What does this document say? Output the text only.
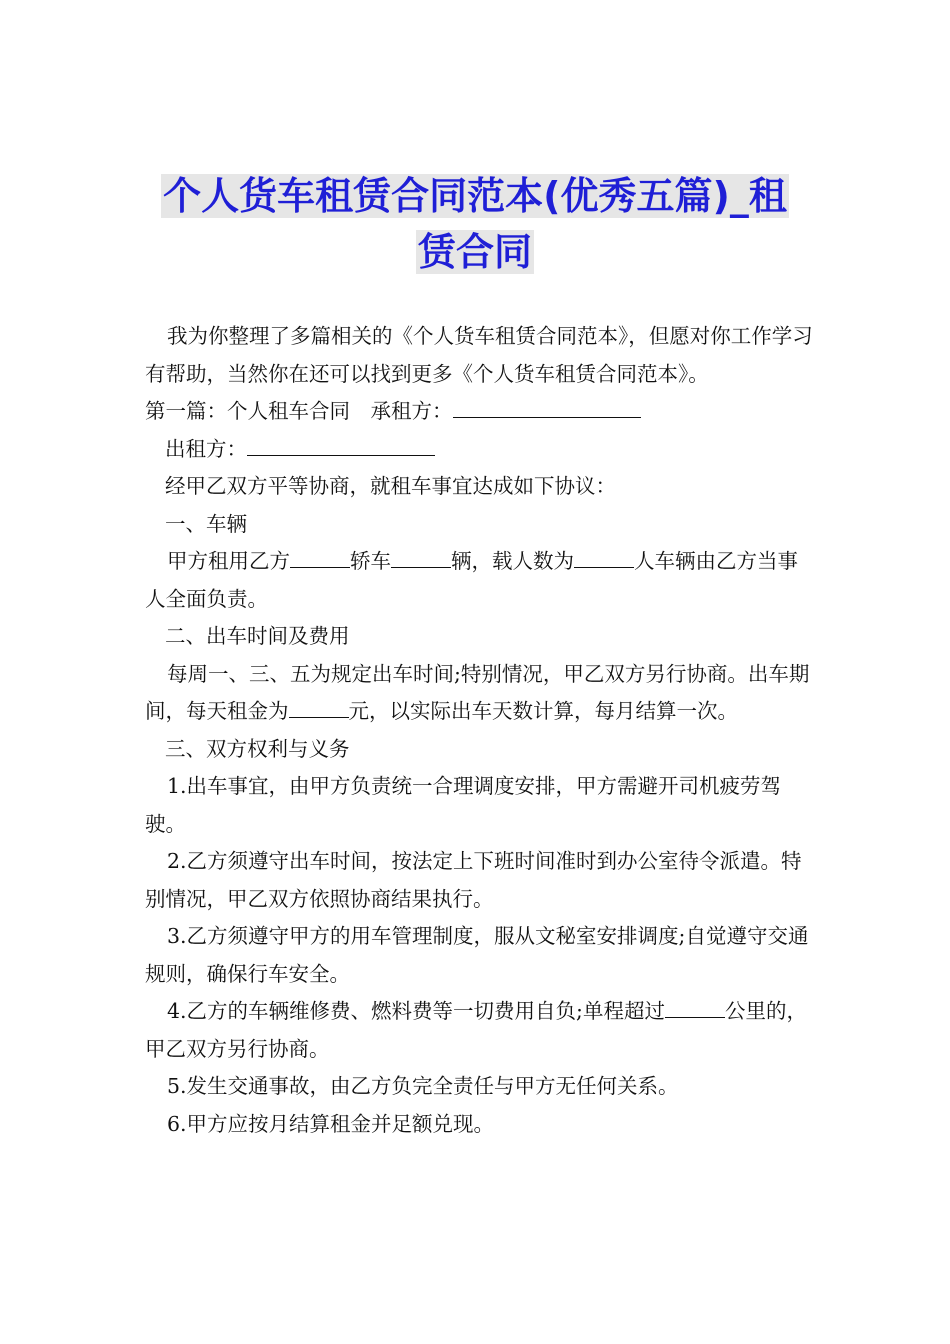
个人货车租赁合同范本(优秀五篇)_租
赁合同

我为你整理了多篇相关的《个人货车租赁合同范本》，但愿对你工作学习有帮助，当然你在还可以找到更多《个人货车租赁合同范本》。

第一篇：个人租车合同　承租方：

出租方：

经甲乙双方平等协商，就租车事宜达成如下协议：

一、车辆

甲方租用乙方	轿车	辆，载人数为	人车辆由乙方当事人全面负责。

二、出车时间及费用

每周一、三、五为规定出车时间;特别情况，甲乙双方另行协商。出车期间，每天租金为	元，以实际出车天数计算，每月结算一次。

三、双方权利与义务

1.出车事宜，由甲方负责统一合理调度安排，甲方需避开司机疲劳驾驶。

2.乙方须遵守出车时间，按法定上下班时间准时到办公室待令派遣。特别情况，甲乙双方依照协商结果执行。

3.乙方须遵守甲方的用车管理制度，服从文秘室安排调度;自觉遵守交通规则，确保行车安全。

4.乙方的车辆维修费、燃料费等一切费用自负;单程超过	公里的，甲乙双方另行协商。

5.发生交通事故，由乙方负完全责任与甲方无任何关系。

6.甲方应按月结算租金并足额兑现。
